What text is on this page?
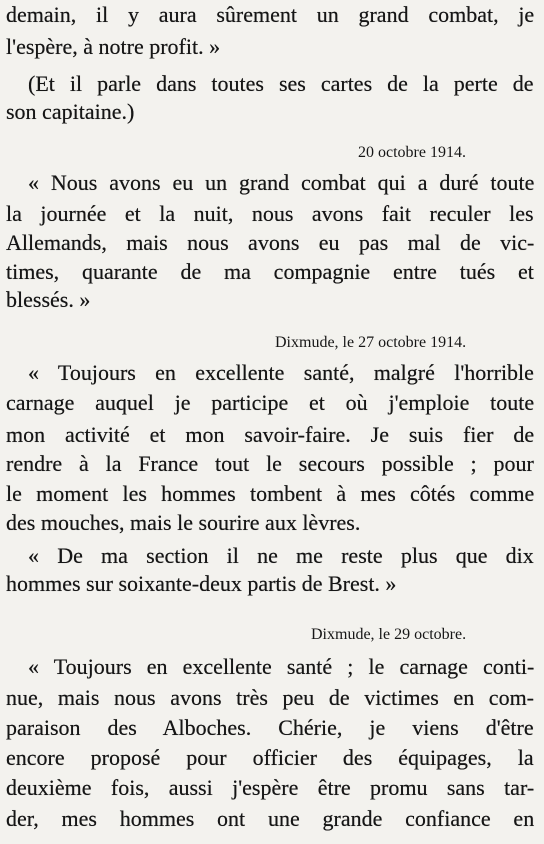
demain, il y aura sûrement un grand combat, je
l'espère, à notre profit. »
(Et il parle dans toutes ses cartes de la perte de
son capitaine.)
20 octobre 1914.
« Nous avons eu un grand combat qui a duré toute
la journée et la nuit, nous avons fait reculer les
Allemands, mais nous avons eu pas mal de vic-
times, quarante de ma compagnie entre tués et
blessés. »
Dixmude, le 27 octobre 1914.
« Toujours en excellente santé, malgré l'horrible
carnage auquel je participe et où j'emploie toute
mon activité et mon savoir-faire. Je suis fier de
rendre à la France tout le secours possible ; pour
le moment les hommes tombent à mes côtés comme
des mouches, mais le sourire aux lèvres.
« De ma section il ne me reste plus que dix
hommes sur soixante-deux partis de Brest. »
Dixmude, le 29 octobre.
« Toujours en excellente santé ; le carnage conti-
nue, mais nous avons très peu de victimes en com-
paraison des Alboches. Chérie, je viens d'être
encore proposé pour officier des équipages, la
deuxième fois, aussi j'espère être promu sans tar-
der, mes hommes ont une grande confiance en
